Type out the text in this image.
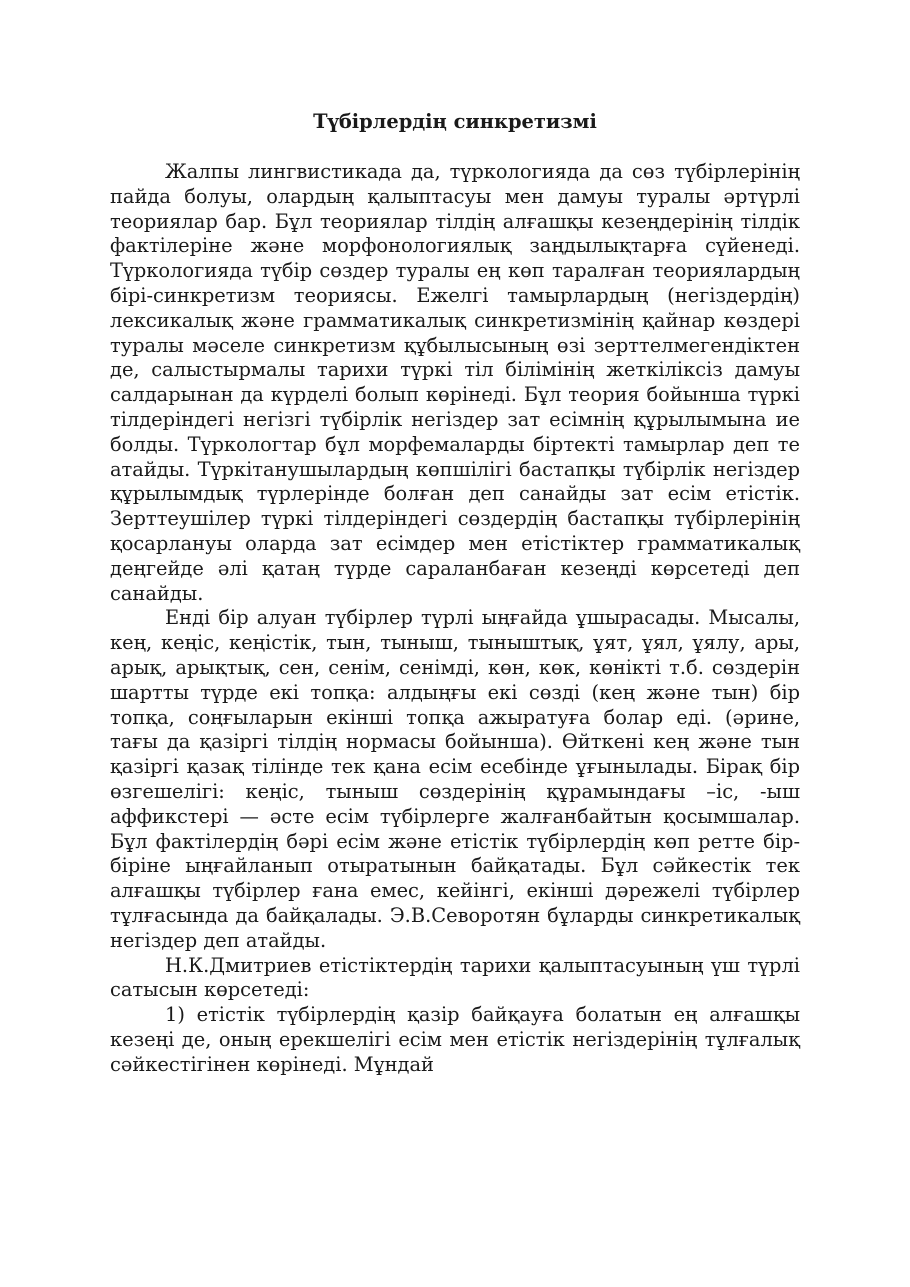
Түбірлердің синкретизмі

Жалпы лингвистикада да, түркологияда да сөз түбірлерінің пайда болуы, олардың қалыптасуы мен дамуы туралы әртүрлі теориялар бар. Бұл теориялар тілдің алғашқы кезеңдерінің тілдік фактілеріне және морфонологиялық заңдылықтарға сүйенеді. Түркологияда түбір сөздер туралы ең көп таралған теориялардың бірі-синкретизм теориясы. Ежелгі тамырлардың (негіздердің) лексикалық және грамматикалық синкретизмінің қайнар көздері туралы мәселе синкретизм құбылысының өзі зерттелмегендіктен де, салыстырмалы тарихи түркі тіл білімінің жеткіліксіз дамуы салдарынан да күрделі болып көрінеді. Бұл теория бойынша түркі тілдеріндегі негізгі түбірлік негіздер зат есімнің құрылымына ие болды. Түркологтар бұл морфемаларды біртекті тамырлар деп те атайды. Түркітанушылардың көпшілігі бастапқы түбірлік негіздер құрылымдық түрлерінде болған деп санайды зат есім етістік. Зерттеушілер түркі тілдеріндегі сөздердің бастапқы түбірлерінің қосарлануы оларда зат есімдер мен етістіктер грамматикалық деңгейде әлі қатаң түрде сараланбаған кезеңді көрсетеді деп санайды.

Енді бір алуан түбірлер түрлі ыңғайда ұшырасады. Мысалы, кең, кеңіс, кеңістік, тын, тыныш, тыныштық, ұят, ұял, ұялу, ары, арық, арықтық, сен, сенім, сенімді, көн, көк, көнікті т.б. сөздерін шартты түрде екі топқа: алдыңғы екі сөзді (кең және тын) бір топқа, соңғыларын екінші топқа ажыратуға болар еді. (әрине, тағы да қазіргі тілдің нормасы бойынша). Өйткені кең және тын қазіргі қазақ тілінде тек қана есім есебінде ұғынылады. Бірақ бір өзгешелігі: кеңіс, тыныш сөздерінің құрамындағы –іс, -ыш аффикстері — әсте есім түбірлерге жалғанбайтын қосымшалар. Бұл фактілердің бәрі есім және етістік түбірлердің көп ретте бір-біріне ыңғайланып отыратынын байқатады. Бұл сәйкестік тек алғашқы түбірлер ғана емес, кейінгі, екінші дәрежелі түбірлер тұлғасында да байқалады. Э.В.Севоротян бұларды синкретикалық негіздер деп атайды.

Н.К.Дмитриев етістіктердің тарихи қалыптасуының үш түрлі сатысын көрсетеді:

1) етістік түбірлердің қазір байқауға болатын ең алғашқы кезеңі де, оның ерекшелігі есім мен етістік негіздерінің тұлғалық сәйкестігінен көрінеді. Мұндай
